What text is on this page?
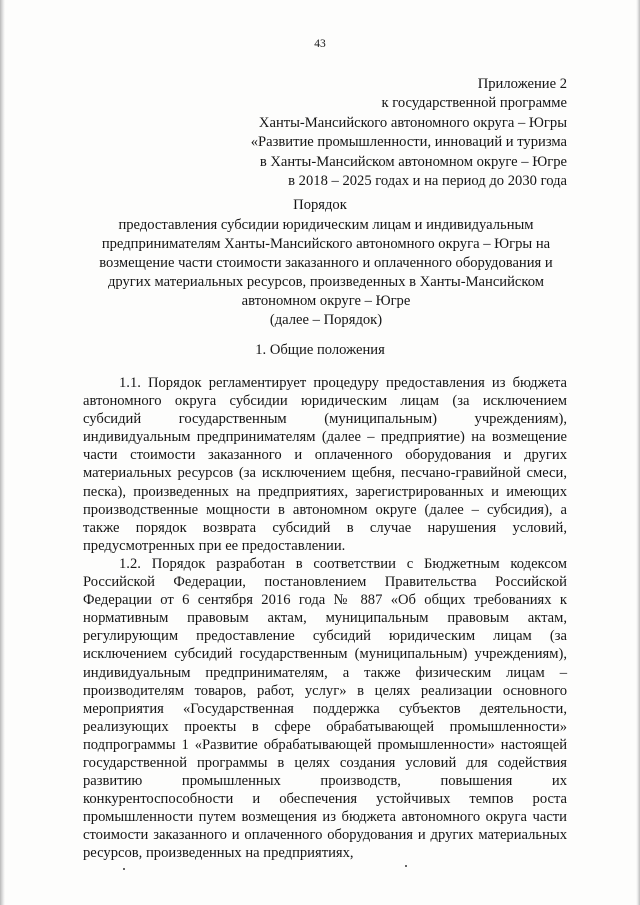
43
Приложение 2
к государственной программе
Ханты-Мансийского автономного округа – Югры
«Развитие промышленности, инноваций и туризма
в Ханты-Мансийском автономном округе – Югре
в 2018 – 2025 годах и на период до 2030 года
Порядок
предоставления субсидии юридическим лицам и индивидуальным
предпринимателям Ханты-Мансийского автономного округа – Югры на
возмещение части стоимости заказанного и оплаченного оборудования и
других материальных ресурсов, произведенных в Ханты-Мансийском
автономном округе – Югре
(далее – Порядок)
1. Общие положения

1.1. Порядок регламентирует процедуру предоставления из бюджета автономного округа субсидии юридическим лицам (за исключением субсидий государственным (муниципальным) учреждениям), индивидуальным предпринимателям (далее – предприятие) на возмещение части стоимости заказанного и оплаченного оборудования и других материальных ресурсов (за исключением щебня, песчано-гравийной смеси, песка), произведенных на предприятиях, зарегистрированных и имеющих производственные мощности в автономном округе (далее – субсидия), а также порядок возврата субсидий в случае нарушения условий, предусмотренных при ее предоставлении.

1.2. Порядок разработан в соответствии с Бюджетным кодексом Российской Федерации, постановлением Правительства Российской Федерации от 6 сентября 2016 года № 887 «Об общих требованиях к нормативным правовым актам, муниципальным правовым актам, регулирующим предоставление субсидий юридическим лицам (за исключением субсидий государственным (муниципальным) учреждениям), индивидуальным предпринимателям, а также физическим лицам – производителям товаров, работ, услуг» в целях реализации основного мероприятия «Государственная поддержка субъектов деятельности, реализующих проекты в сфере обрабатывающей промышленности» подпрограммы 1 «Развитие обрабатывающей промышленности» настоящей государственной программы в целях создания условий для содействия развитию промышленных производств, повышения их конкурентоспособности и обеспечения устойчивых темпов роста промышленности путем возмещения из бюджета автономного округа части стоимости заказанного и оплаченного оборудования и других материальных ресурсов, произведенных на предприятиях,
